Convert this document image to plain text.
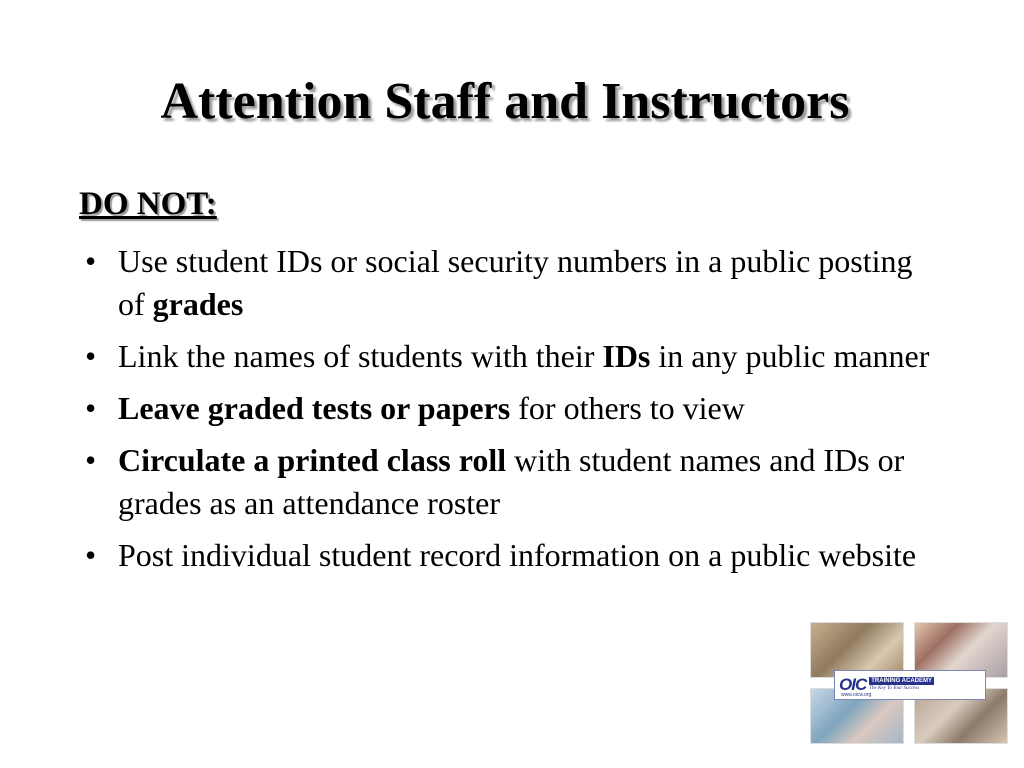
Attention Staff and Instructors
DO NOT:
• Use student IDs or social security numbers in a public posting of grades
• Link the names of students with their IDs in any public manner
• Leave graded tests or papers for others to view
• Circulate a printed class roll with student names and IDs or grades as an attendance roster
• Post individual student record information on a public website
OIC TRAINING ACADEMY
The Key To Your Success
www.oicw.org
